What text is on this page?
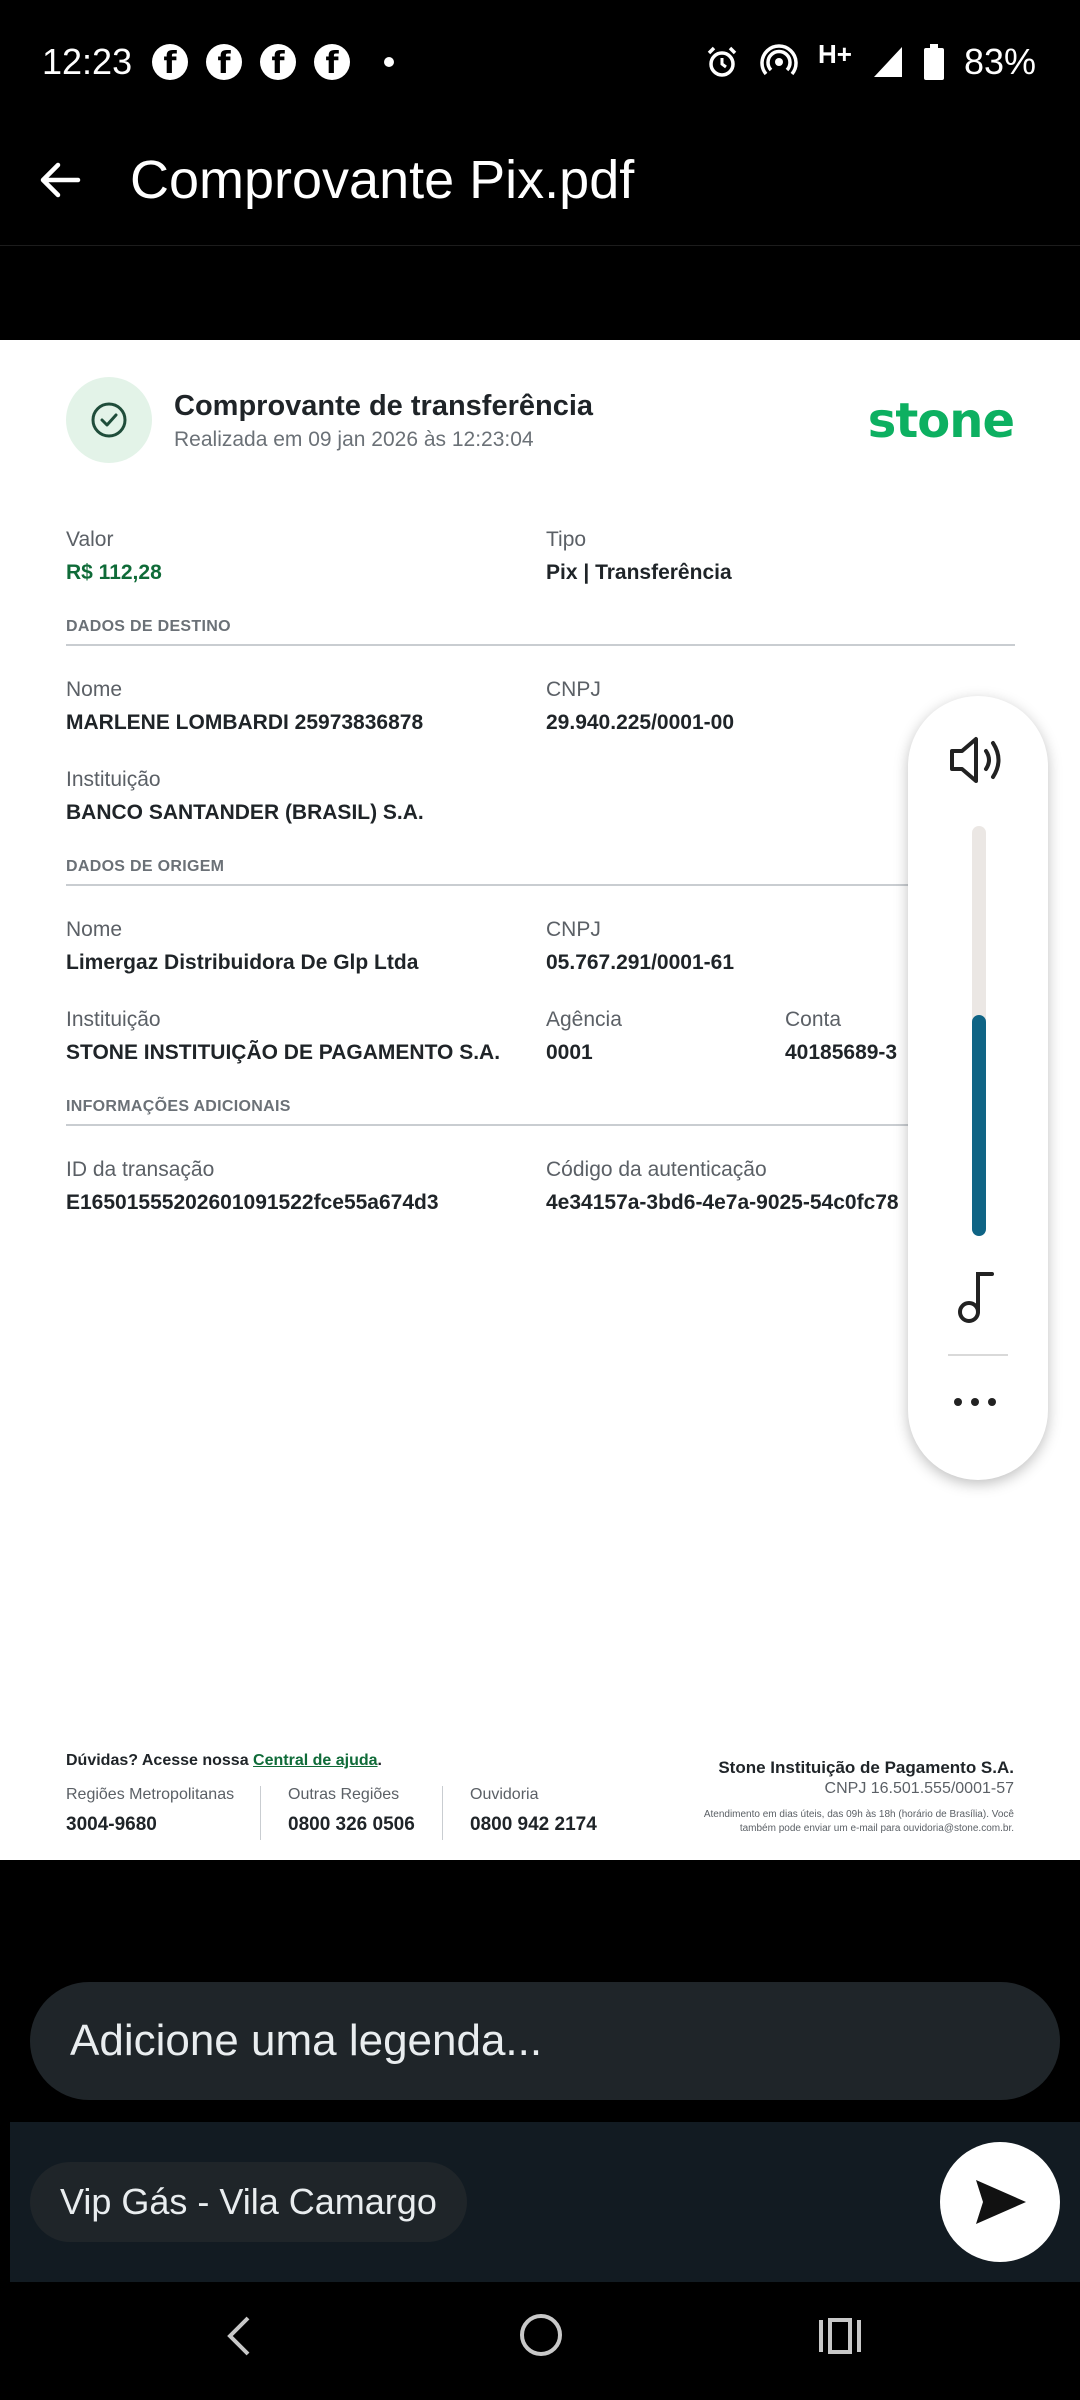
12:23	f	f	f	f	H+	83%
Comprovante Pix.pdf
Comprovante de transferência
Realizada em 09 jan 2026 às 12:23:04	stone
Valor
R$ 112,28
Tipo
Pix | Transferência
DADOS DE DESTINO
Nome
MARLENE LOMBARDI 25973836878
CNPJ
29.940.225/0001-00
Instituição
BANCO SANTANDER (BRASIL) S.A.
DADOS DE ORIGEM
Nome
Limergaz Distribuidora De Glp Ltda
CNPJ
05.767.291/0001-61
Instituição
STONE INSTITUIÇÃO DE PAGAMENTO S.A.
Agência
0001
Conta
40185689-3
INFORMAÇÕES ADICIONAIS
ID da transação
E16501555202601091522fce55a674d3
Código da autenticação
4e34157a-3bd6-4e7a-9025-54c0fc78
Dúvidas? Acesse nossa Central de ajuda.
Regiões Metropolitanas
3004-9680
Outras Regiões
0800 326 0506
Ouvidoria
0800 942 2174
Stone Instituição de Pagamento S.A.
CNPJ 16.501.555/0001-57
Atendimento em dias úteis, das 09h às 18h (horário de Brasília). Você também pode enviar um e-mail para ouvidoria@stone.com.br.
Adicione uma legenda...
Vip Gás - Vila Camargo
